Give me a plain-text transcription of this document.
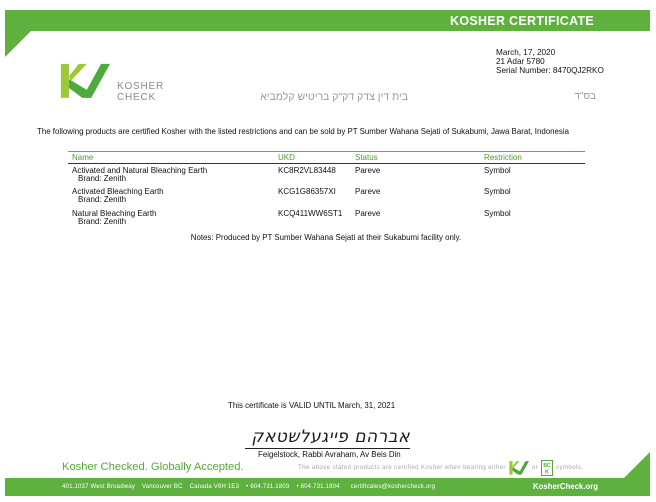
KOSHER CERTIFICATE
March, 17, 2020
21 Adar 5780
Serial Number: 8470QJ2RKO
KOSHER
CHECK	בית דין צדק דק"ק בריטיש קלמביא	בס"ד
The following products are certified Kosher with the listed restrictions and can be sold by PT Sumber Wahana Sejati of Sukabumi, Jawa Barat, Indonesia
Name	UKD	Status	Restriction
Activated and Natural Bleaching Earth
Brand: Zenith
KC8R2VL83448 Pareve	Symbol
Activated Bleaching Earth
Brand: Zenith
KCG1G86357XI Pareve	Symbol
Natural Bleaching Earth
Brand: Zenith
KCQ411WW6ST1 Pareve	Symbol
Notes: Produced by PT Sumber Wahana Sejati at their Sukabumi facility only.
This certificate is VALID UNTIL March, 31, 2021
אברהם פייגעלשטאק
Feigelstock, Rabbi Avraham, Av Beis Din
Kosher Checked. Globally Accepted.	The above stated products are certified Kosher when bearing either	or BC
K
symbols.
401.1037 West Broadway Vancouver BC Canada V6H 1E3 • 604.731.1803 • 604.731.1804 certificates@koshercheck.org	KosherCheck.org
